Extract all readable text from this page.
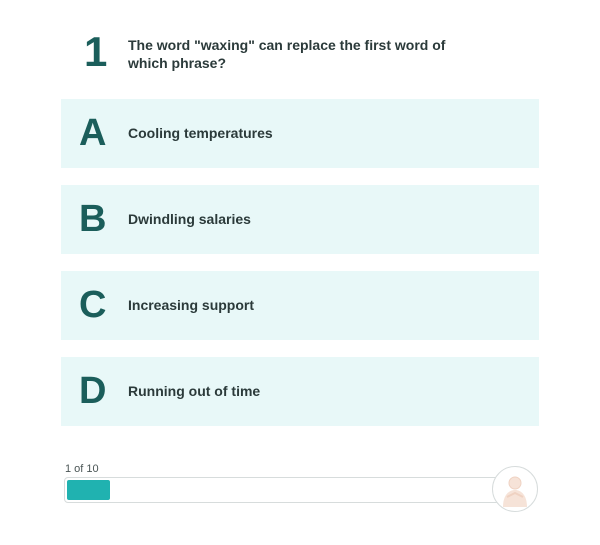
1 The word "waxing" can replace the first word of which phrase?
A	Cooling temperatures
B	Dwindling salaries
C	Increasing support
D	Running out of time
1 of 10
